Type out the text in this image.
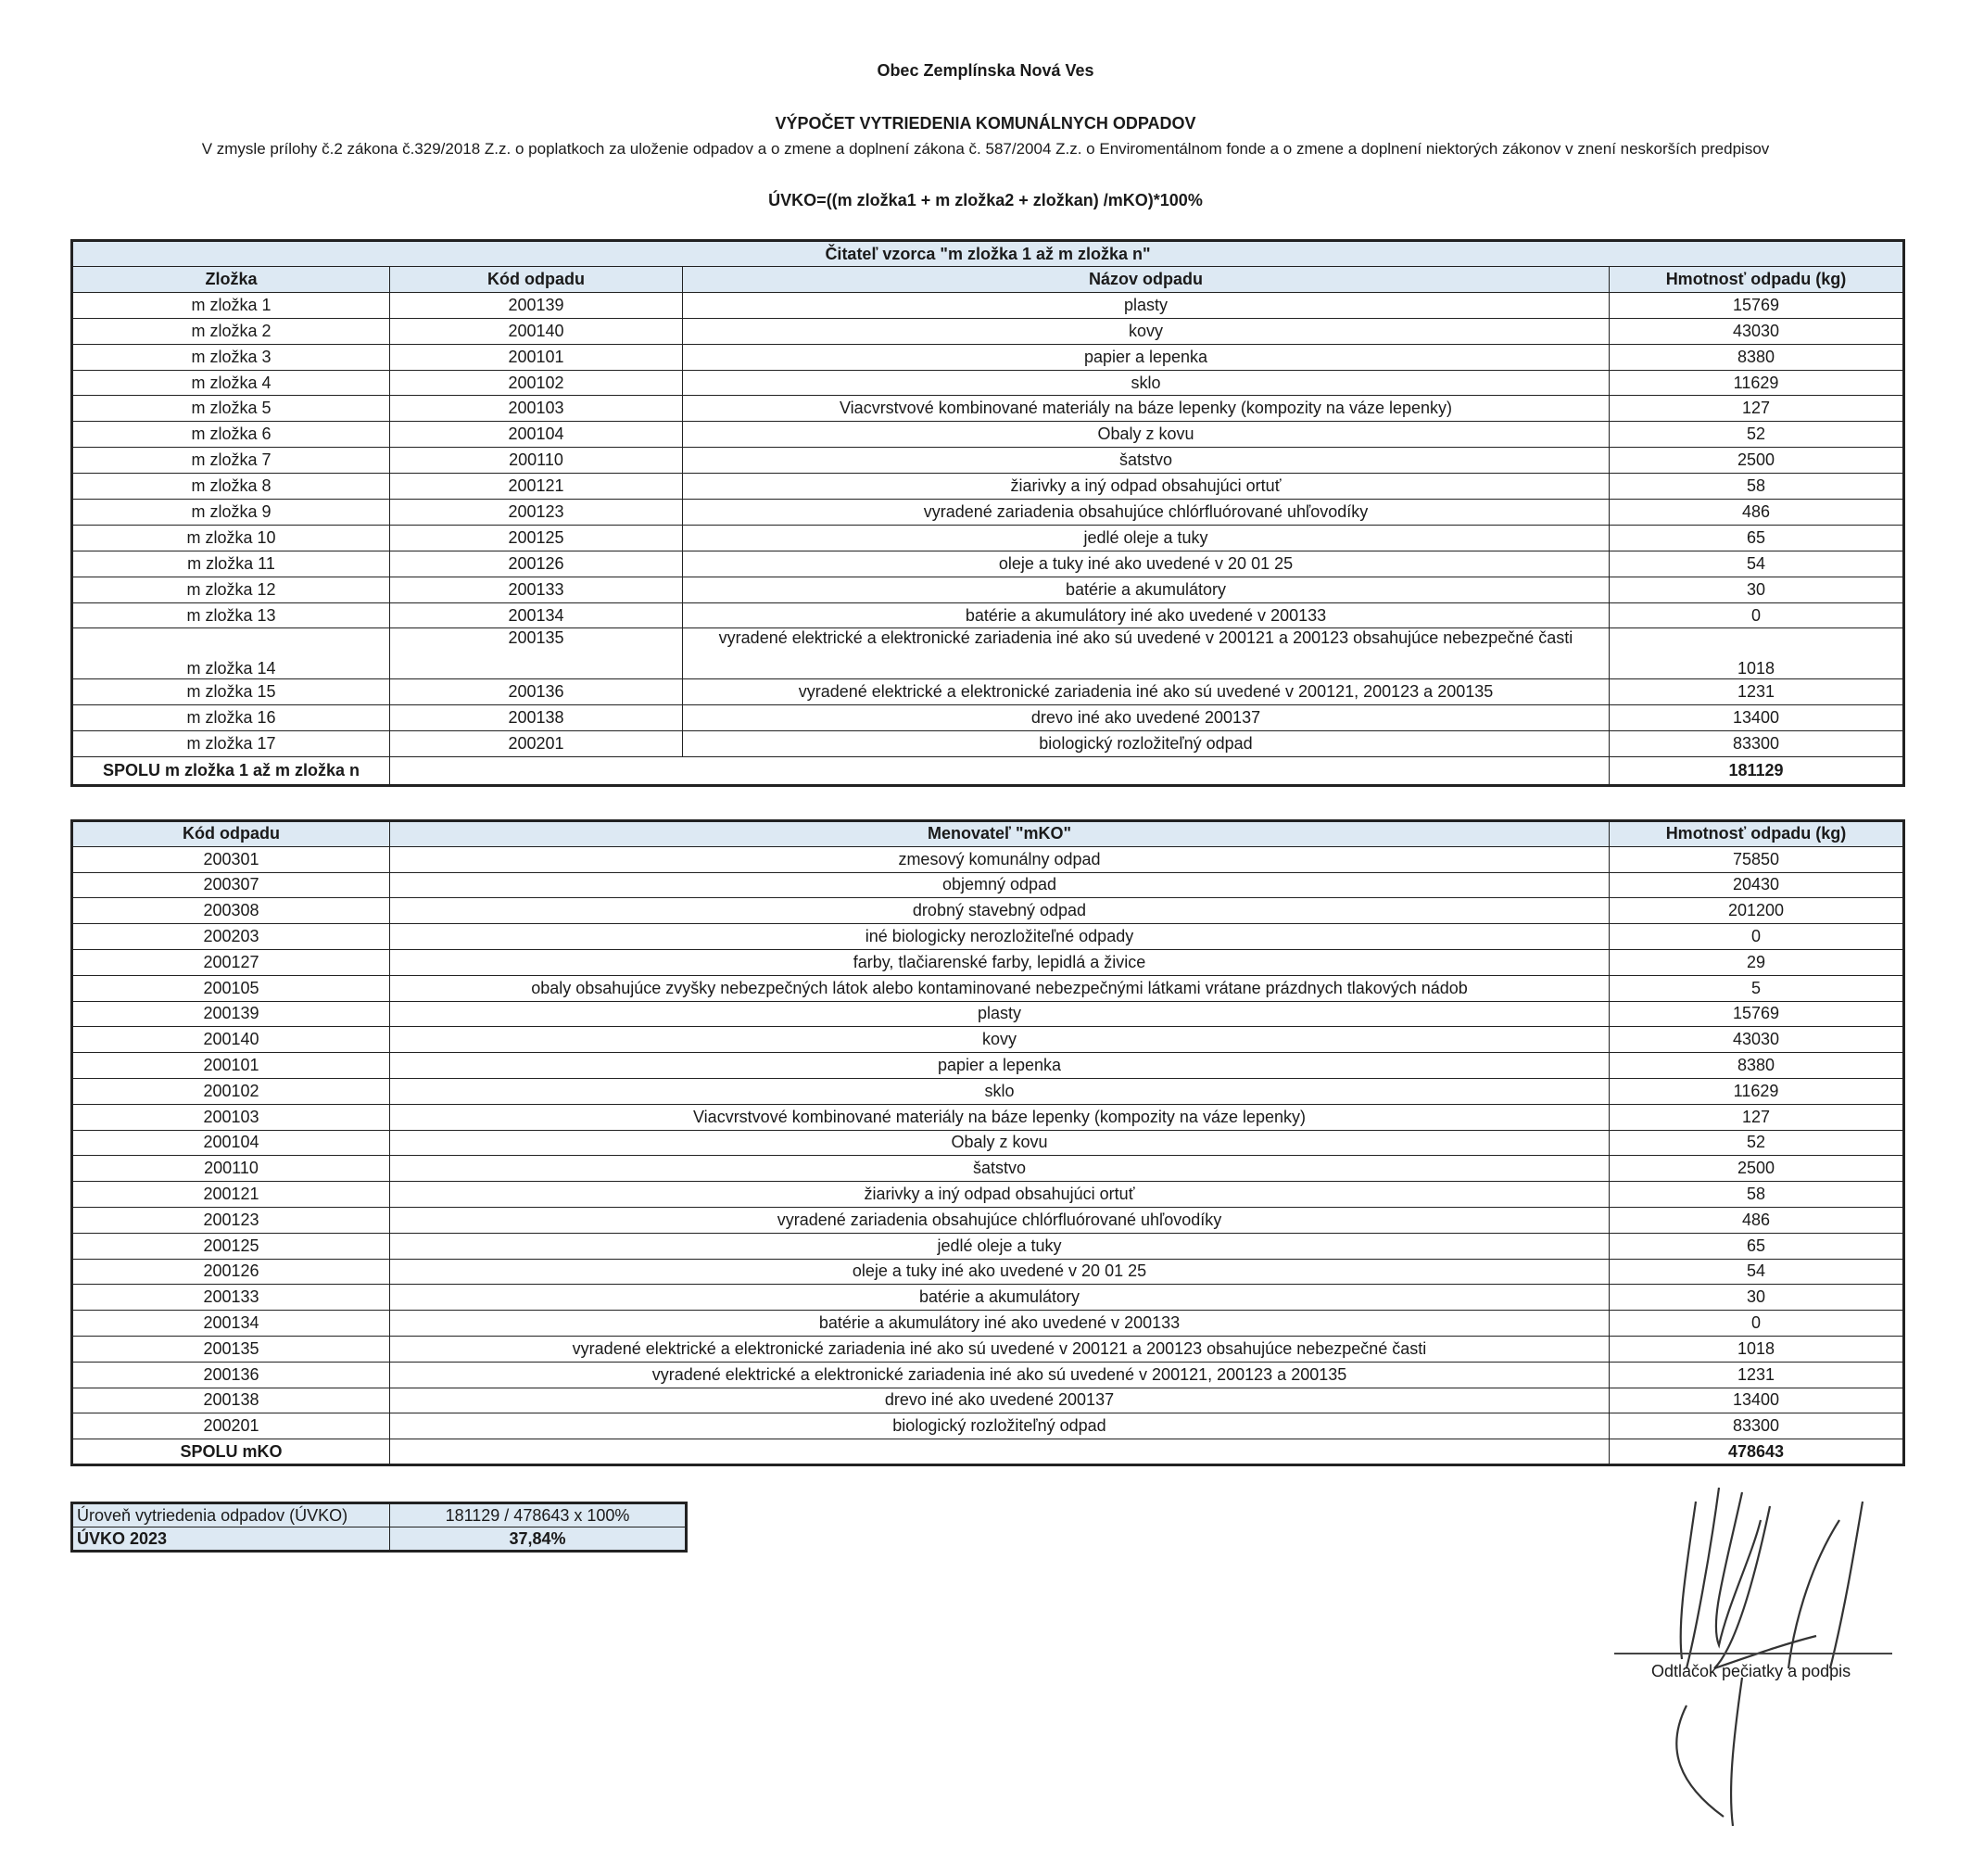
Obec Zemplínska Nová Ves
VÝPOČET VYTRIEDENIA KOMUNÁLNYCH ODPADOV
V zmysle prílohy č.2 zákona č.329/2018 Z.z. o poplatkoch za uloženie odpadov a o zmene a doplnení zákona č. 587/2004 Z.z. o Enviromentálnom fonde a o zmene a doplnení niektorých zákonov v znení neskorších predpisov
ÚVKO=((m zložka1 + m zložka2 + zložkan) /mKO)*100%
Čitateľ vzorca "m zložka 1 až m zložka n"			
Zložka	Kód odpadu	Názov odpadu	Hmotnosť odpadu (kg)
m zložka 1	200139	plasty	15769
m zložka 2	200140	kovy	43030
m zložka 3	200101	papier a lepenka	8380
m zložka 4	200102	sklo	11629
m zložka 5	200103	Viacvrstvové kombinované materiály na báze lepenky (kompozity na váze lepenky)	127
m zložka 6	200104	Obaly z kovu	52
m zložka 7	200110	šatstvo	2500
m zložka 8	200121	žiarivky a iný odpad obsahujúci ortuť	58
m zložka 9	200123	vyradené zariadenia obsahujúce chlórfluórované uhľovodíky	486
m zložka 10	200125	jedlé oleje a tuky	65
m zložka 11	200126	oleje a tuky iné ako uvedené v 20 01 25	54
m zložka 12	200133	batérie a akumulátory	30
m zložka 13	200134	batérie a akumulátory iné ako uvedené v 200133	0
m zložka 14	200135	vyradené elektrické a elektronické zariadenia iné ako sú uvedené v 200121 a 200123 obsahujúce nebezpečné časti	1018
m zložka 15	200136	vyradené elektrické a elektronické zariadenia iné ako sú uvedené v 200121, 200123 a 200135	1231
m zložka 16	200138	drevo iné ako uvedené 200137	13400
m zložka 17	200201	biologický rozložiteľný odpad	83300
SPOLU m zložka 1 až m zložka n			181129
Kód odpadu	Menovateľ "mKO"	Hmotnosť odpadu (kg)
200301	zmesový komunálny odpad	75850
200307	objemný odpad	20430
200308	drobný stavebný odpad	201200
200203	iné biologicky nerozložiteľné odpady	0
200127	farby, tlačiarenské farby, lepidlá a živice	29
200105	obaly obsahujúce zvyšky nebezpečných látok alebo kontaminované nebezpečnými látkami vrátane prázdnych tlakových nádob	5
200139	plasty	15769
200140	kovy	43030
200101	papier a lepenka	8380
200102	sklo	11629
200103	Viacvrstvové kombinované materiály na báze lepenky (kompozity na váze lepenky)	127
200104	Obaly z kovu	52
200110	šatstvo	2500
200121	žiarivky a iný odpad obsahujúci ortuť	58
200123	vyradené zariadenia obsahujúce chlórfluórované uhľovodíky	486
200125	jedlé oleje a tuky	65
200126	oleje a tuky iné ako uvedené v 20 01 25	54
200133	batérie a akumulátory	30
200134	batérie a akumulátory iné ako uvedené v 200133	0
200135	vyradené elektrické a elektronické zariadenia iné ako sú uvedené v 200121 a 200123 obsahujúce nebezpečné časti	1018
200136	vyradené elektrické a elektronické zariadenia iné ako sú uvedené v 200121, 200123 a 200135	1231
200138	drevo iné ako uvedené 200137	13400
200201	biologický rozložiteľný odpad	83300
SPOLU mKO		478643
Úroveň vytriedenia odpadov (ÚVKO)	181129 / 478643 x 100%
ÚVKO 2023	37,84%
Odtlačok pečiatky a podpis
